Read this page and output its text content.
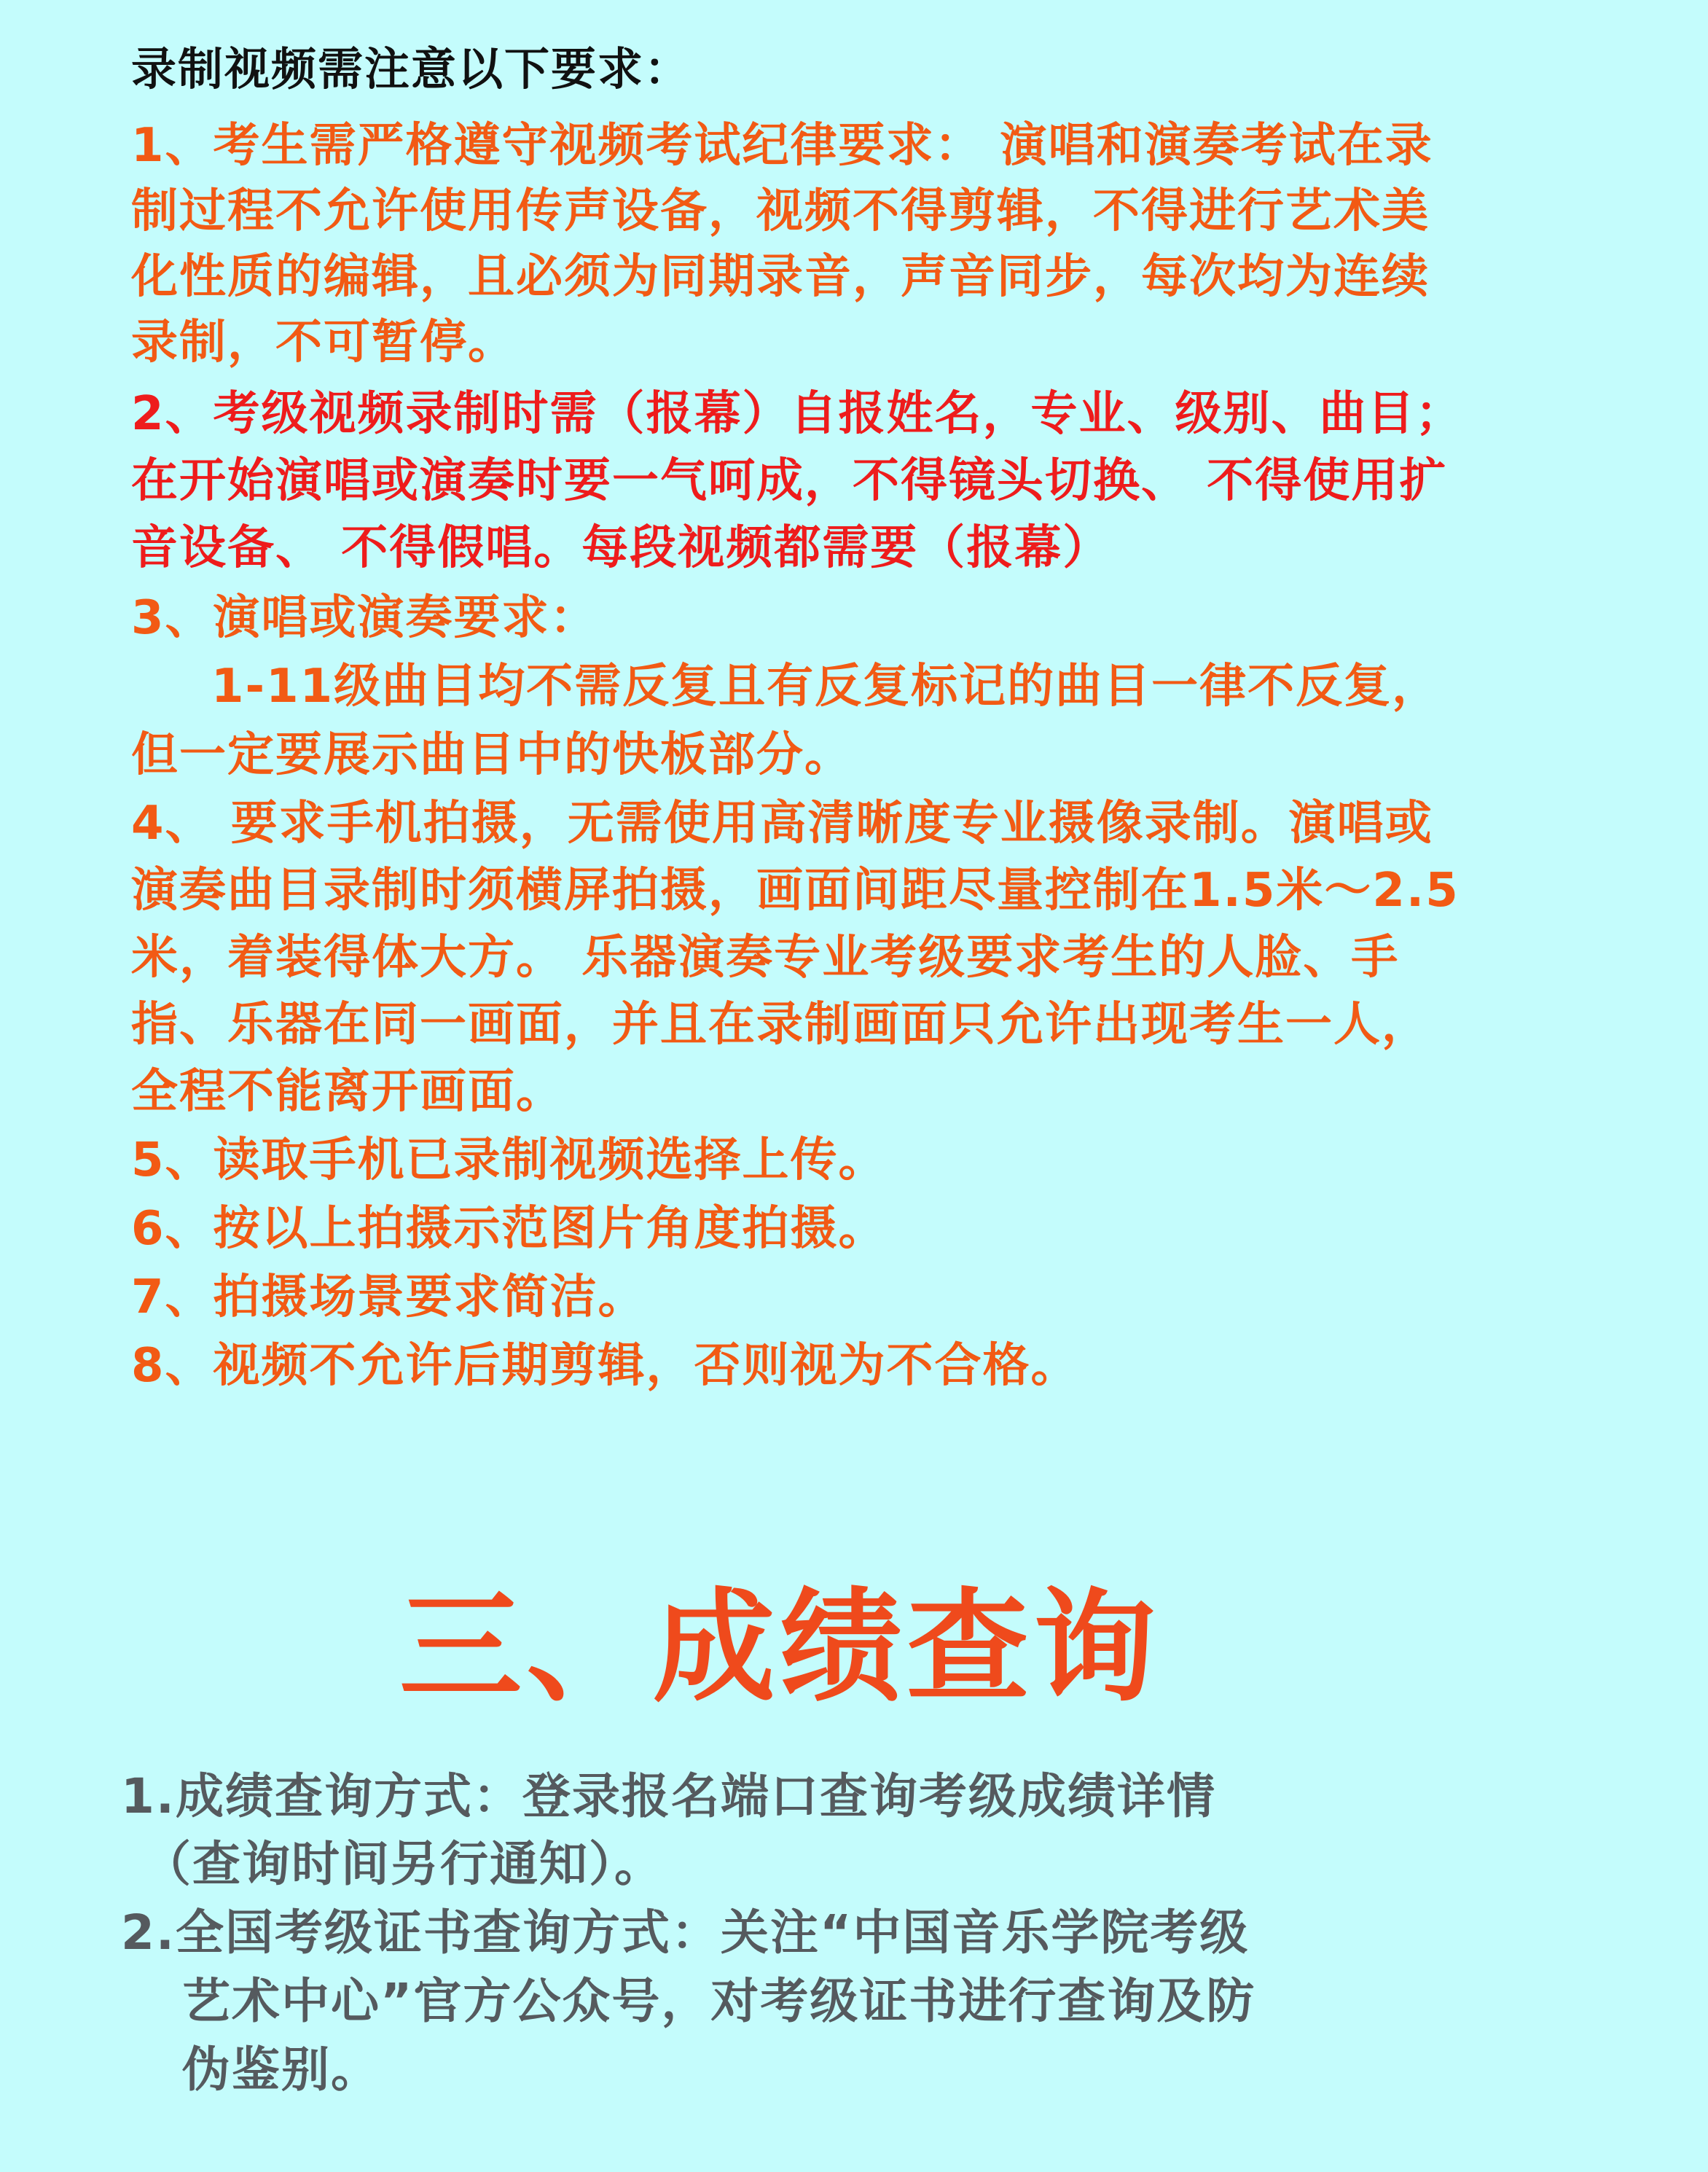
录制视频需注意以下要求：

1、考生需严格遵守视频考试纪律要求： 演唱和演奏考试在录

制过程不允许使用传声设备，视频不得剪辑，不得进行艺术美

化性质的编辑，且必须为同期录音，声音同步，每次均为连续

录制，不可暂停。

2、考级视频录制时需（报幕）自报姓名，专业、级别、曲目；

在开始演唱或演奏时要一气呵成，不得镜头切换、 不得使用扩

音设备、 不得假唱。每段视频都需要（报幕）

3、演唱或演奏要求：

1-11级曲目均不需反复且有反复标记的曲目一律不反复，

但一定要展示曲目中的快板部分。

4、 要求手机拍摄，无需使用高清晰度专业摄像录制。演唱或

演奏曲目录制时须横屏拍摄，画面间距尽量控制在1.5米～2.5

米，着装得体大方。 乐器演奏专业考级要求考生的人脸、手

指、乐器在同一画面，并且在录制画面只允许出现考生一人，

全程不能离开画面。

5、读取手机已录制视频选择上传。

6、按以上拍摄示范图片角度拍摄。

7、拍摄场景要求简洁。

8、视频不允许后期剪辑，否则视为不合格。

三、成绩查询

1.成绩查询方式：登录报名端口查询考级成绩详情

（查询时间另行通知）。

2.全国考级证书查询方式：关注“中国音乐学院考级

艺术中心”官方公众号，对考级证书进行查询及防

伪鉴别。
